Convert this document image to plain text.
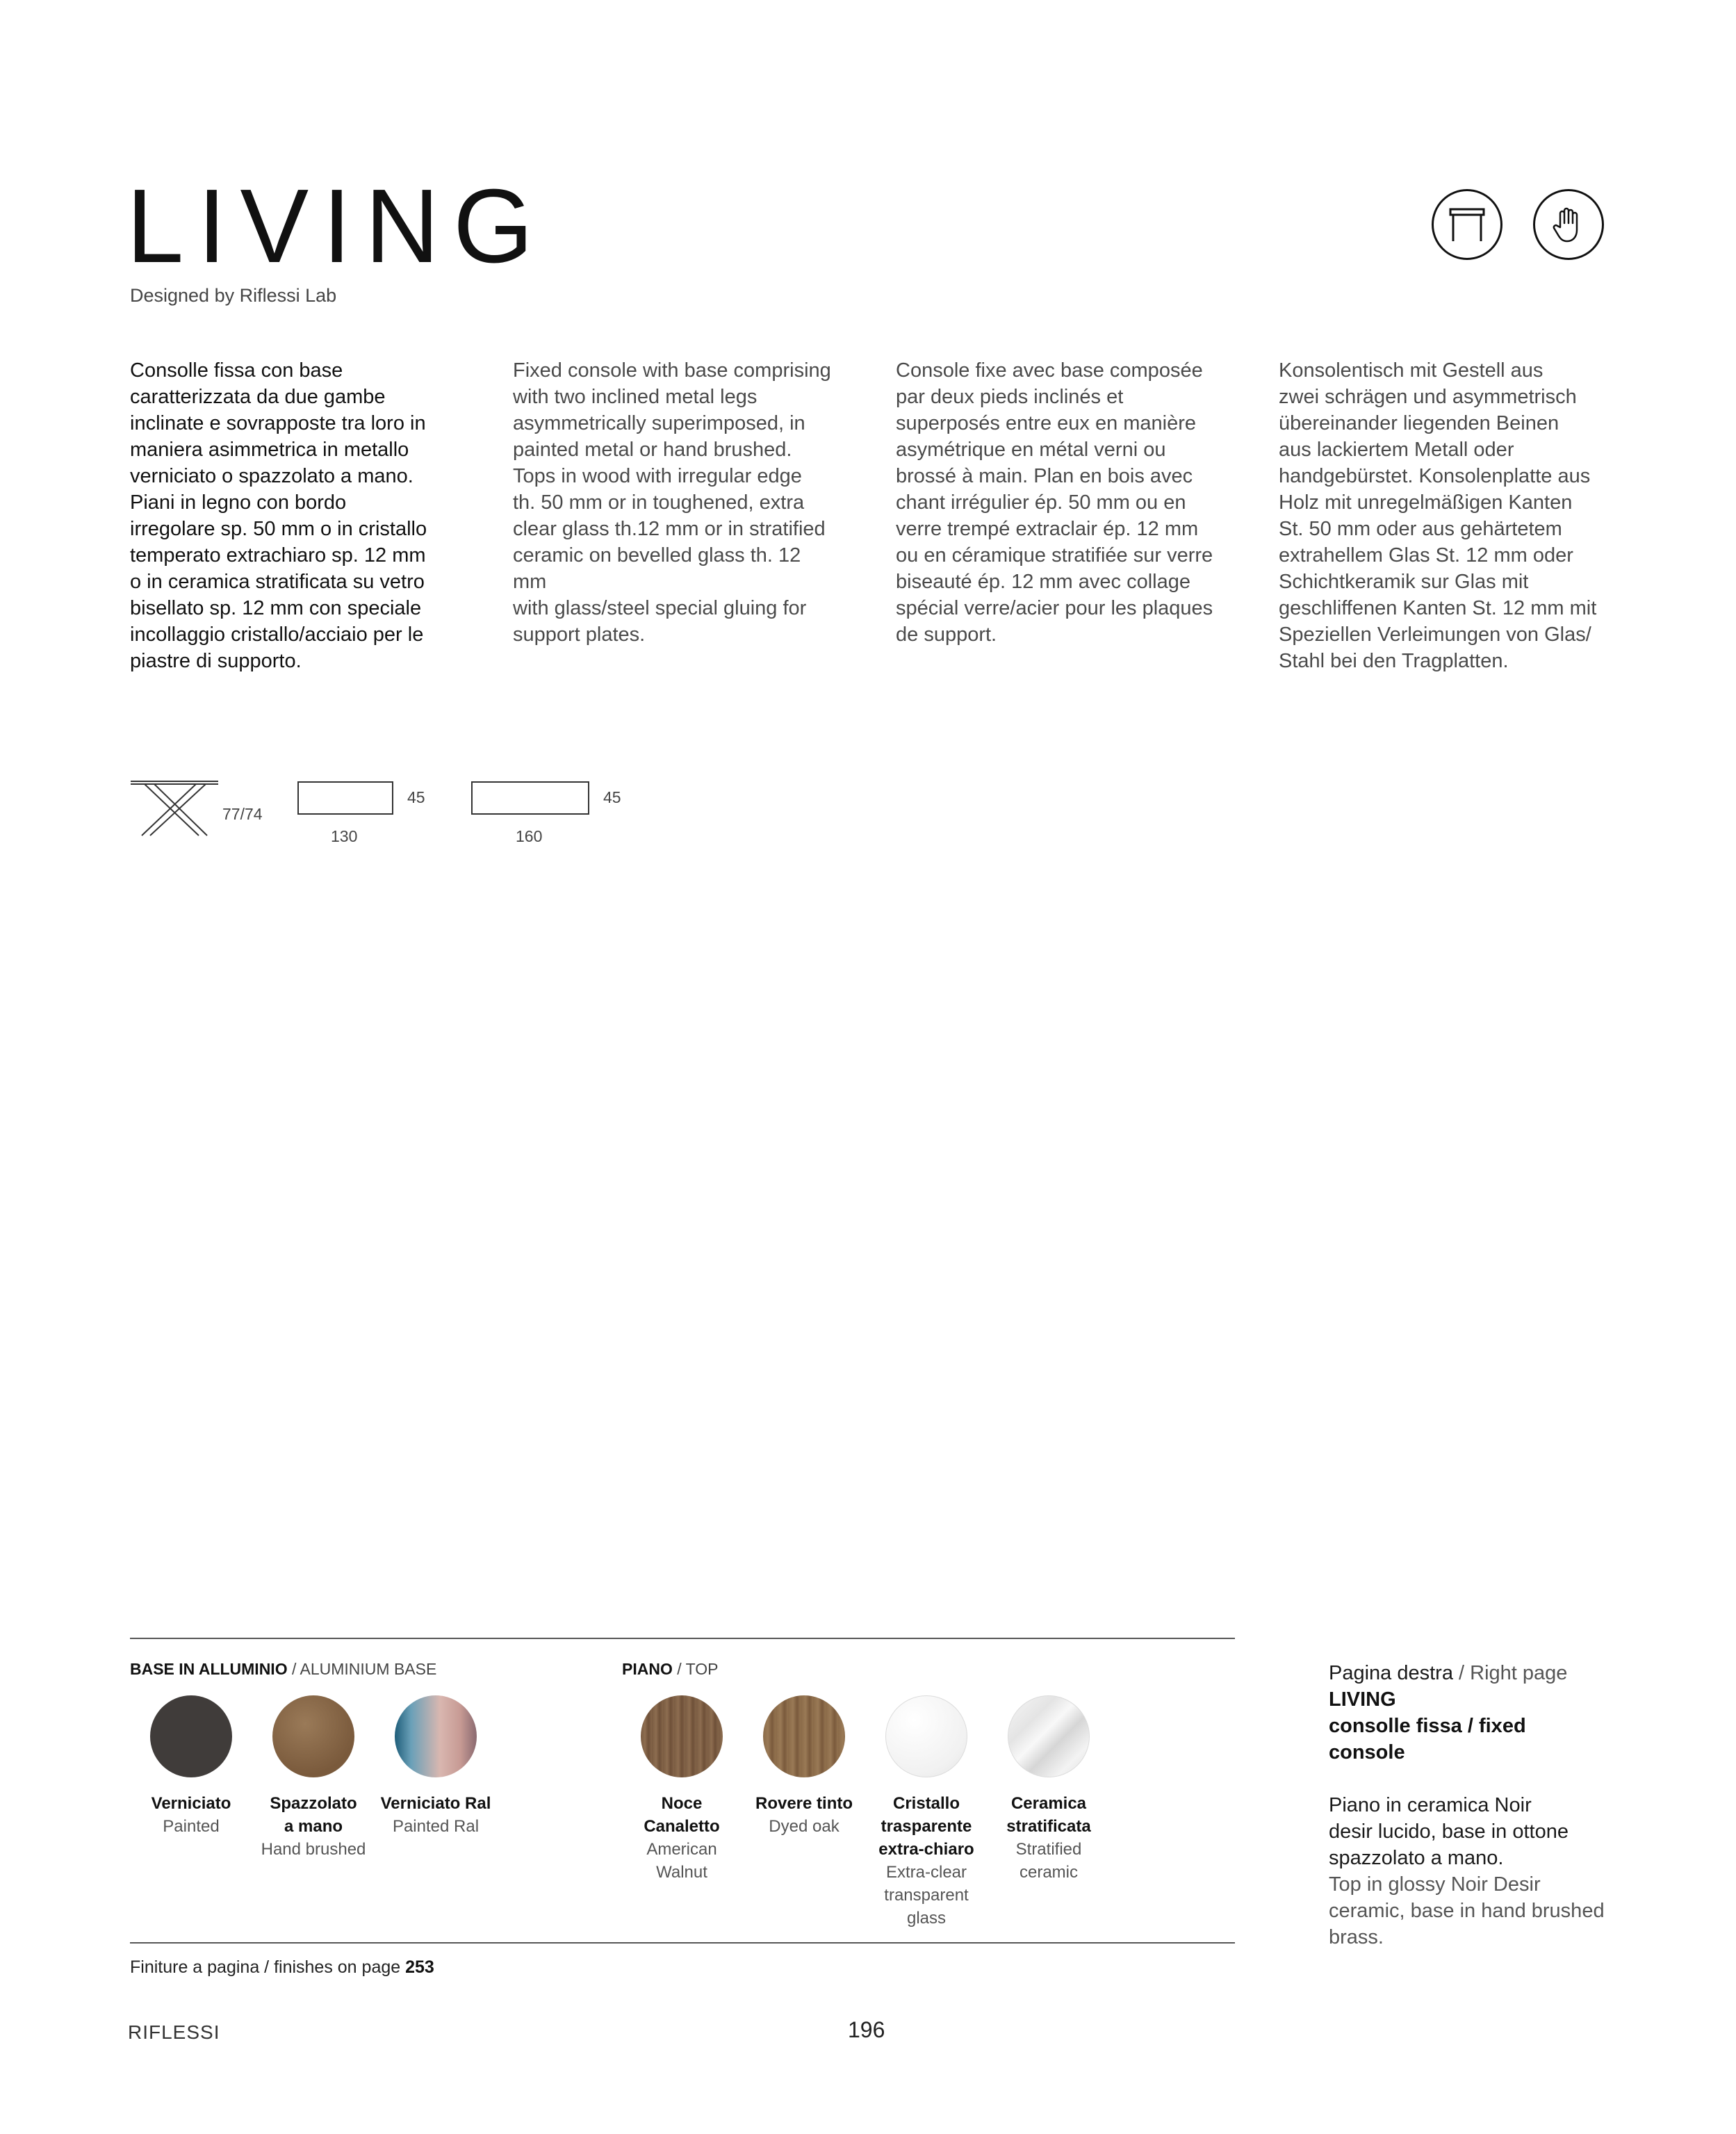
LIVING
Designed by Riflessi Lab
Consolle fissa con base
caratterizzata da due gambe
inclinate e sovrapposte tra loro in
maniera asimmetrica in metallo
verniciato o spazzolato a mano.
Piani in legno con bordo
irregolare sp. 50 mm o in cristallo
temperato extrachiaro sp. 12 mm
o in ceramica stratificata su vetro
bisellato sp. 12 mm con speciale
incollaggio cristallo/acciaio per le
piastre di supporto.
Fixed console with base comprising
with two inclined metal legs
asymmetrically superimposed, in
painted metal or hand brushed.
Tops in wood with irregular edge
th. 50 mm or in toughened, extra
clear glass th.12 mm or in stratified
ceramic on bevelled glass th. 12 mm
with glass/steel special gluing for
support plates.
Console fixe avec base composée
par deux pieds inclinés et
superposés entre eux en manière
asymétrique en métal verni ou
brossé à main. Plan en bois avec
chant irrégulier ép. 50 mm ou en
verre trempé extraclair ép. 12 mm
ou en céramique stratifiée sur verre
biseauté ép. 12 mm avec collage
spécial verre/acier pour les plaques
de support.
Konsolentisch mit Gestell aus
zwei schrägen und asymmetrisch
übereinander liegenden Beinen
aus lackiertem Metall oder
handgebürstet. Konsolenplatte aus
Holz mit unregelmäßigen Kanten
St. 50 mm oder aus gehärtetem
extrahellem Glas St. 12 mm oder
Schichtkeramik sur Glas mit
geschliffenen Kanten St. 12 mm mit
Speziellen Verleimungen von Glas/
Stahl bei den Tragplatten.
77/74
45
130
45
160
BASE IN ALLUMINIO / ALUMINIUM BASE	PIANO / TOP
Verniciato
Painted
Spazzolato
a mano
Hand brushed
Verniciato Ral
Painted Ral
Noce
Canaletto
American
Walnut
Rovere tinto
Dyed oak
Cristallo
trasparente
extra-chiaro
Extra-clear
transparent
glass
Ceramica
stratificata
Stratified
ceramic
Finiture a pagina / finishes on page 253
Pagina destra / Right page
LIVING
consolle fissa / fixed
console
Piano in ceramica Noir
desir lucido, base in ottone
spazzolato a mano.
Top in glossy Noir Desir
ceramic, base in hand brushed
brass.
RIFLESSI	196
